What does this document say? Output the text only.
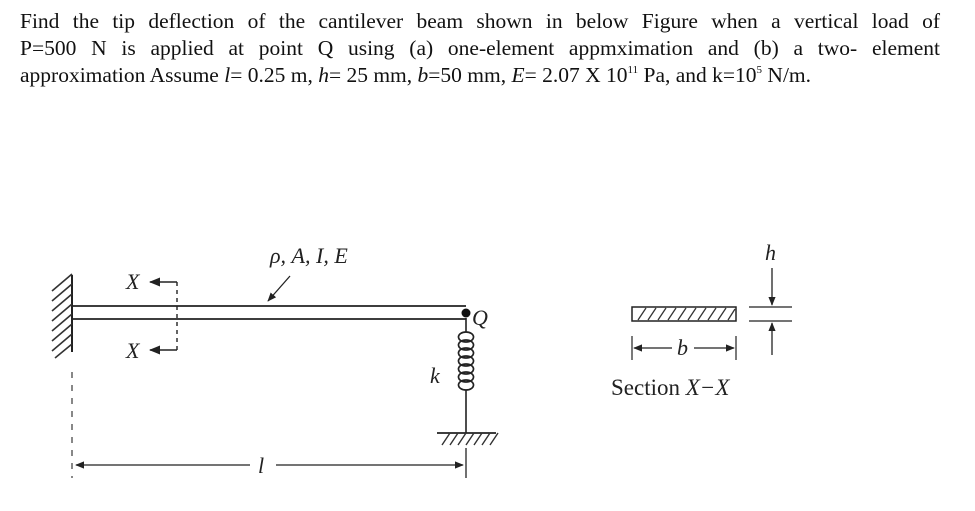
Find the tip deflection of the cantilever beam shown in below Figure when a vertical load of

P=500 N is applied at point Q using (a) one-element appmximation and (b) a two- element

approximation Assume l= 0.25 m, h= 25 mm, b=50 mm, E= 2.07 X $10^{11}$ Pa, and $k=10^5$ N/m.

X
X
ρ, A, I, E
Q
k
l
h
b
Section X−X
